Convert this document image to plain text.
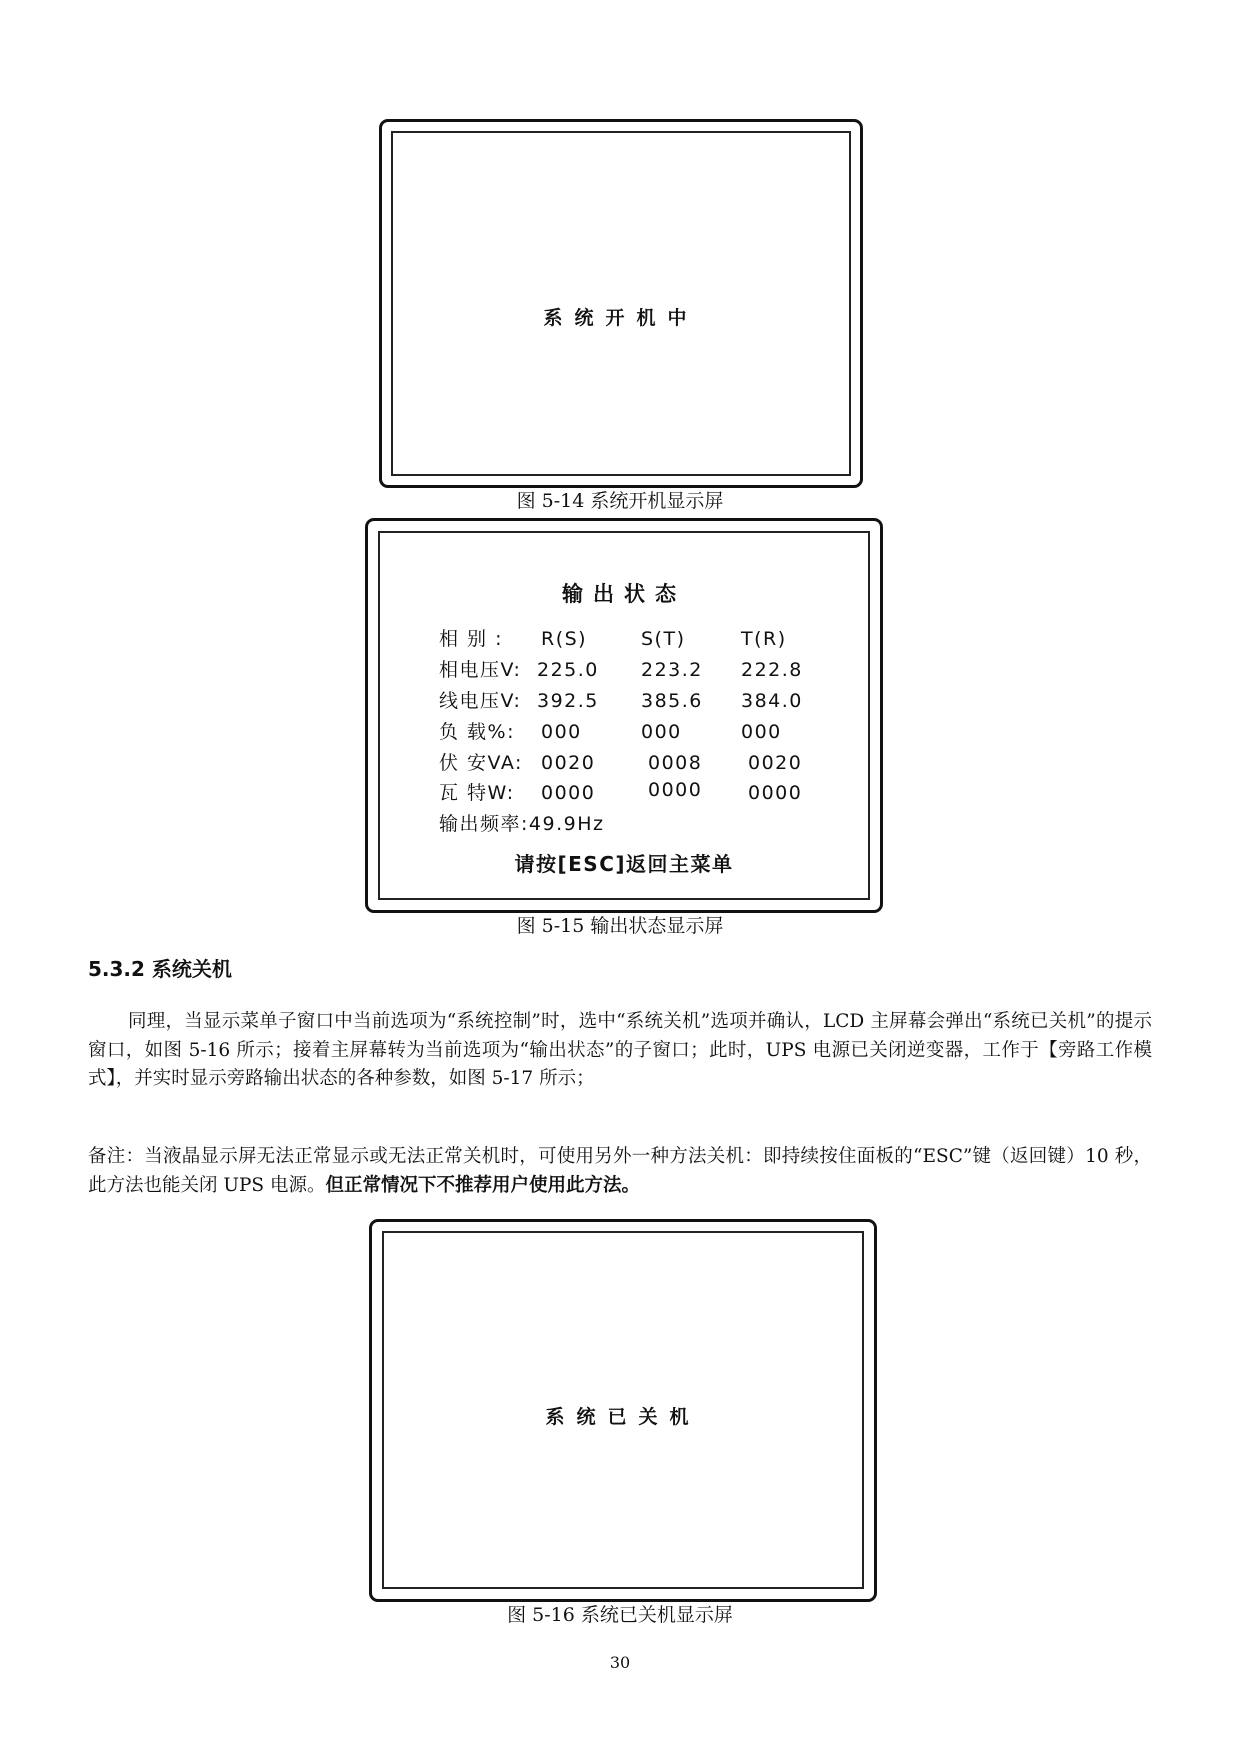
系统开机中

图 5-14 系统开机显示屏

输出状态
相 别 : R(S)	S(T)	T(R)
相电压V: 225.0 223.2 222.8
线电压V: 392.5 385.6 384.0
负 载%: 000	000	000
伏 安VA: 0020	0008 0020
瓦 特W: 0000	0000 0000
输出频率:49.9Hz
请按[ESC]返回主菜单

图 5-15 输出状态显示屏

5.3.2 系统关机

同理，当显示菜单子窗口中当前选项为“系统控制”时，选中“系统关机”选项并确认，LCD 主屏幕会弹出“系统已关机”的提示窗口，如图 5-16 所示；接着主屏幕转为当前选项为“输出状态”的子窗口；此时，UPS 电源已关闭逆变器，工作于【旁路工作模式】，并实时显示旁路输出状态的各种参数，如图 5-17 所示；

备注：当液晶显示屏无法正常显示或无法正常关机时，可使用另外一种方法关机：即持续按住面板的“ESC”键（返回键）10 秒，此方法也能关闭 UPS 电源。但正常情况下不推荐用户使用此方法。

系统已关机

图 5-16 系统已关机显示屏

30
